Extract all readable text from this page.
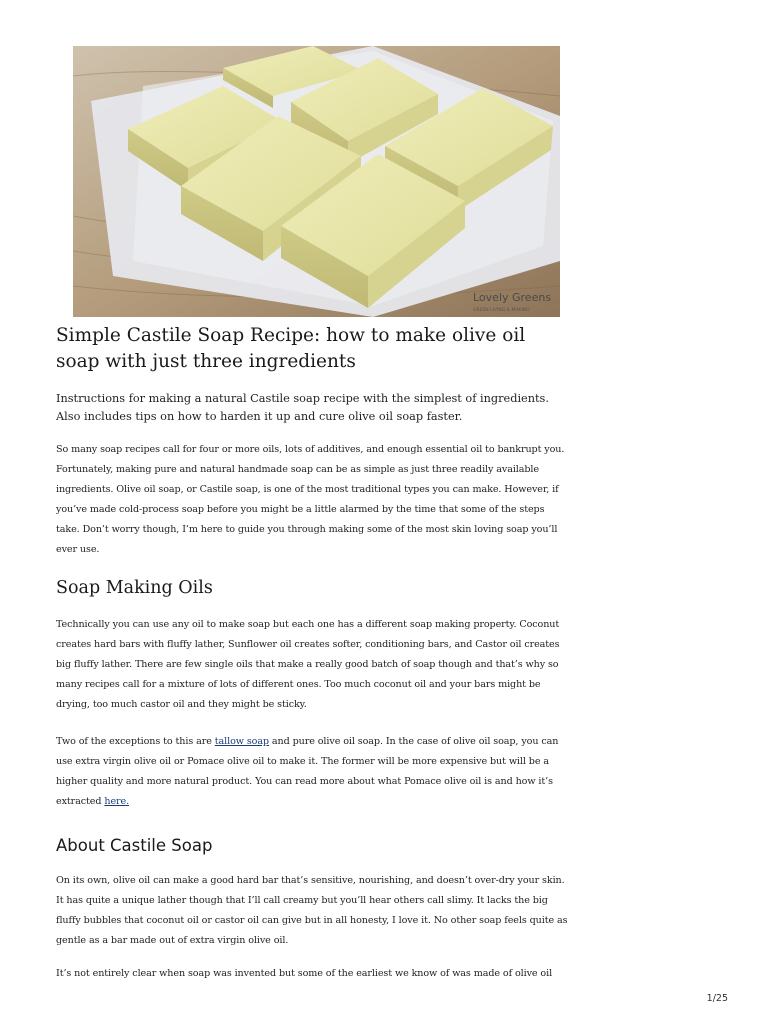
Lovely Greens
GREEN LIVING & MAKING
Simple Castile Soap Recipe: how to make olive oil soap with just three ingredients

Instructions for making a natural Castile soap recipe with the simplest of ingredients. Also includes tips on how to harden it up and cure olive oil soap faster.

So many soap recipes call for four or more oils, lots of additives, and enough essential oil to bankrupt you. Fortunately, making pure and natural handmade soap can be as simple as just three readily available ingredients. Olive oil soap, or Castile soap, is one of the most traditional types you can make. However, if you’ve made cold-process soap before you might be a little alarmed by the time that some of the steps take. Don’t worry though, I’m here to guide you through making some of the most skin loving soap you’ll ever use.

Soap Making Oils

Technically you can use any oil to make soap but each one has a different soap making property. Coconut creates hard bars with fluffy lather, Sunflower oil creates softer, conditioning bars, and Castor oil creates big fluffy lather. There are few single oils that make a really good batch of soap though and that’s why so many recipes call for a mixture of lots of different ones. Too much coconut oil and your bars might be drying, too much castor oil and they might be sticky.

Two of the exceptions to this are tallow soap and pure olive oil soap. In the case of olive oil soap, you can use extra virgin olive oil or Pomace olive oil to make it. The former will be more expensive but will be a higher quality and more natural product. You can read more about what Pomace olive oil is and how it’s extracted here.

About Castile Soap

On its own, olive oil can make a good hard bar that’s sensitive, nourishing, and doesn’t over-dry your skin. It has quite a unique lather though that I’ll call creamy but you’ll hear others call slimy. It lacks the big fluffy bubbles that coconut oil or castor oil can give but in all honesty, I love it. No other soap feels quite as gentle as a bar made out of extra virgin olive oil.

It’s not entirely clear when soap was invented but some of the earliest we know of was made of olive oil

1/25
